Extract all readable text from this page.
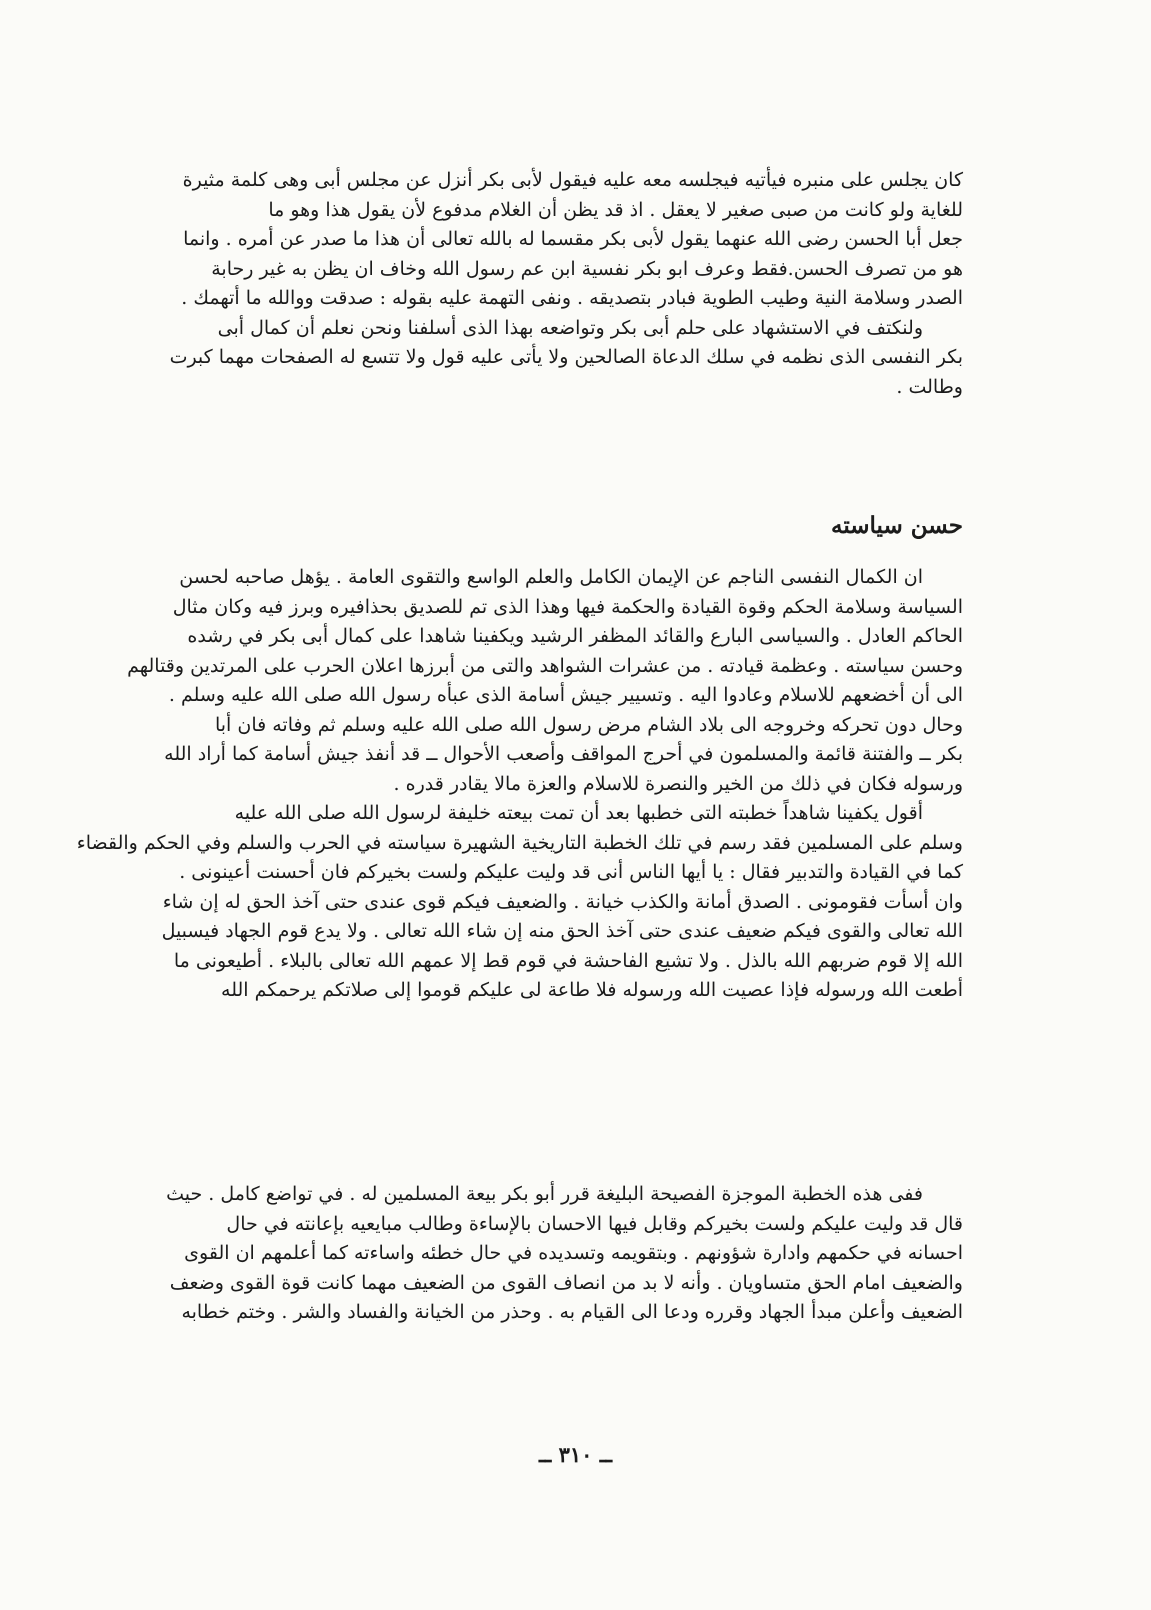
كان يجلس على منبره فيأتيه فيجلسه معه عليه فيقول لأبى بكر أنزل عن مجلس أبى وهى كلمة مثيرة
للغاية ولو كانت من صبى صغير لا يعقل . اذ قد يظن أن الغلام مدفوع لأن يقول هذا وهو ما
جعل أبا الحسن رضى الله عنهما يقول لأبى بكر مقسما له بالله تعالى أن هذا ما صدر عن أمره . وانما
هو من تصرف الحسن.فقط وعرف ابو بكر نفسية ابن عم رسول الله وخاف ان يظن به غير رحابة
الصدر وسلامة النية وطيب الطوية فبادر بتصديقه . ونفى التهمة عليه بقوله : صدقت ووالله ما أتهمك .
ولنكتف في الاستشهاد على حلم أبى بكر وتواضعه بهذا الذى أسلفنا ونحن نعلم أن كمال أبى
بكر النفسى الذى نظمه في سلك الدعاة الصالحين ولا يأتى عليه قول ولا تتسع له الصفحات مهما كبرت
وطالت .
حسن سياسته
ان الكمال النفسى الناجم عن الإيمان الكامل والعلم الواسع والتقوى العامة . يؤهل صاحبه لحسن
السياسة وسلامة الحكم وقوة القيادة والحكمة فيها وهذا الذى تم للصديق بحذافيره وبرز فيه وكان مثال
الحاكم العادل . والسياسى البارع والقائد المظفر الرشيد ويكفينا شاهدا على كمال أبى بكر في رشده
وحسن سياسته . وعظمة قيادته . من عشرات الشواهد والتى من أبرزها اعلان الحرب على المرتدين وقتالهم
الى أن أخضعهم للاسلام وعادوا اليه . وتسيير جيش أسامة الذى عبأه رسول الله صلى الله عليه وسلم .
وحال دون تحركه وخروجه الى بلاد الشام مرض رسول الله صلى الله عليه وسلم ثم وفاته فان أبا
بكر ــ والفتنة قائمة والمسلمون في أحرج المواقف وأصعب الأحوال ــ قد أنفذ جيش أسامة كما أراد الله
ورسوله فكان في ذلك من الخير والنصرة للاسلام والعزة مالا يقادر قدره .
أقول يكفينا شاهداً خطبته التى خطبها بعد أن تمت بيعته خليفة لرسول الله صلى الله عليه
وسلم على المسلمين فقد رسم في تلك الخطبة التاريخية الشهيرة سياسته في الحرب والسلم وفي الحكم والقضاء
كما في القيادة والتدبير فقال : يا أيها الناس أنى قد وليت عليكم ولست بخيركم فان أحسنت أعينونى .
وان أسأت فقومونى . الصدق أمانة والكذب خيانة . والضعيف فيكم قوى عندى حتى آخذ الحق له إن شاء
الله تعالى والقوى فيكم ضعيف عندى حتى آخذ الحق منه إن شاء الله تعالى . ولا يدع قوم الجهاد فيسبيل
الله إلا قوم ضربهم الله بالذل . ولا تشيع الفاحشة في قوم قط إلا عمهم الله تعالى بالبلاء . أطيعونى ما
أطعت الله ورسوله فإذا عصيت الله ورسوله فلا طاعة لى عليكم قوموا إلى صلاتكم يرحمكم الله
ففى هذه الخطبة الموجزة الفصيحة البليغة قرر أبو بكر بيعة المسلمين له . في تواضع كامل . حيث
قال قد وليت عليكم ولست بخيركم وقابل فيها الاحسان بالإساءة وطالب مبايعيه بإعانته في حال
احسانه في حكمهم وادارة شؤونهم . وبتقويمه وتسديده في حال خطئه واساءته كما أعلمهم ان القوى
والضعيف امام الحق متساويان . وأنه لا بد من انصاف القوى من الضعيف مهما كانت قوة القوى وضعف
الضعيف وأعلن مبدأ الجهاد وقرره ودعا الى القيام به . وحذر من الخيانة والفساد والشر . وختم خطابه
ــ ٣١٠ ــ
